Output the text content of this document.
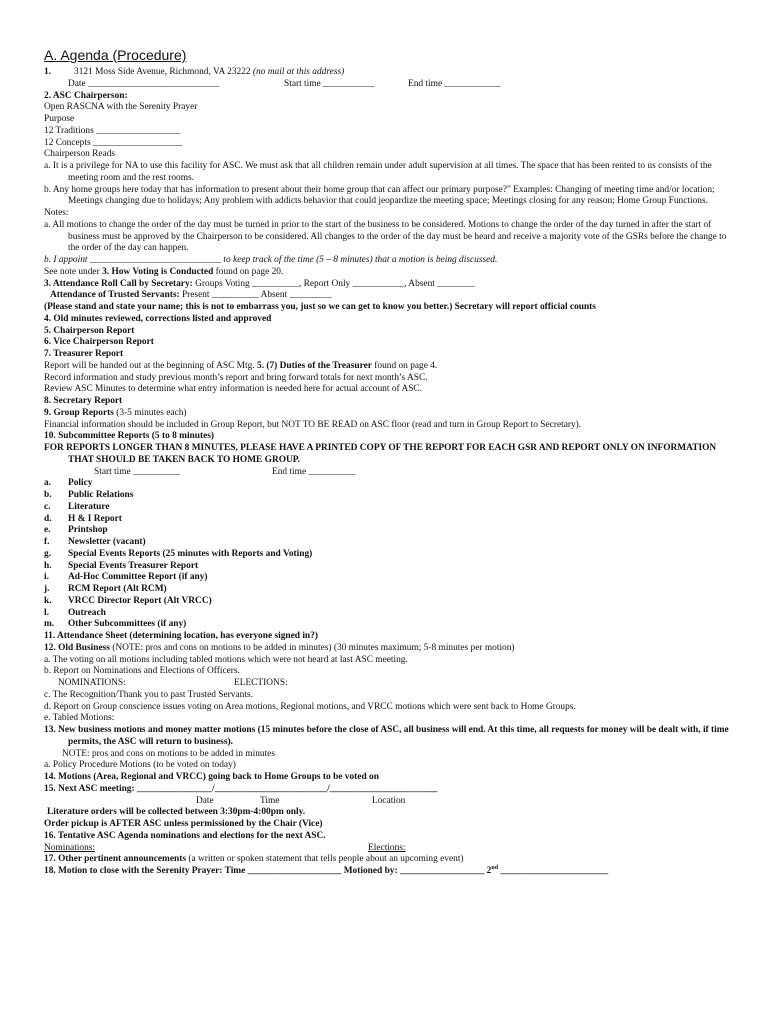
A. Agenda (Procedure)
1. 3121 Moss Side Avenue, Richmond, VA 23222 (no mail at this address)
Date ____________________________	Start time ___________	End time ____________
2. ASC Chairperson:
Open RASCNA with the Serenity Prayer
Purpose
12 Traditions __________________
12 Concepts ___________________
Chairperson Reads
a. It is a privilege for NA to use this facility for ASC. We must ask that all children remain under adult supervision at all times. The space that has been rented to us consists of the meeting room and the rest rooms.
b. Any home groups here today that has information to present about their home group that can affect our primary purpose?" Examples: Changing of meeting time and/or location; Meetings changing due to holidays; Any problem with addicts behavior that could jeopardize the meeting space; Meetings closing for any reason; Home Group Functions.
Notes:
a. All motions to change the order of the day must be turned in prior to the start of the business to be considered. Motions to change the order of the day turned in after the start of business must be approved by the Chairperson to be considered. All changes to the order of the day must be heard and receive a majority vote of the GSRs before the change to the order of the day can happen.
b. I appoint ____________________________ to keep track of the time (5 – 8 minutes) that a motion is being discussed.
See note under 3. How Voting is Conducted found on page 20.
3. Attendance Roll Call by Secretary: Groups Voting __________, Report Only ___________, Absent ________
Attendance of Trusted Servants: Present __________ Absent _________
(Please stand and state your name; this is not to embarrass you, just so we can get to know you better.) Secretary will report official counts
4. Old minutes reviewed, corrections listed and approved
5. Chairperson Report
6. Vice Chairperson Report
7. Treasurer Report
Report will be handed out at the beginning of ASC Mtg. 5. (7) Duties of the Treasurer found on page 4.
Record information and study previous month’s report and bring forward totals for next month’s ASC.
Review ASC Minutes to determine what entry information is needed here for actual account of ASC.
8. Secretary Report
9. Group Reports (3-5 minutes each)
Financial information should be included in Group Report, but NOT TO BE READ on ASC floor (read and turn in Group Report to Secretary).
10. Subcommittee Reports (5 to 8 minutes)
FOR REPORTS LONGER THAN 8 MINUTES, PLEASE HAVE A PRINTED COPY OF THE REPORT FOR EACH GSR AND REPORT ONLY ON INFORMATION THAT SHOULD BE TAKEN BACK TO HOME GROUP.
Start time __________	End time __________
a.	Policy
b.	Public Relations
c.	Literature
d.	H & I Report
e.	Printshop
f.	Newsletter (vacant)
g.	Special Events Reports (25 minutes with Reports and Voting)
h.	Special Events Treasurer Report
i.	Ad-Hoc Committee Report (if any)
j.	RCM Report (Alt RCM)
k.	VRCC Director Report (Alt VRCC)
l.	Outreach
m.	Other Subcommittees (if any)
11. Attendance Sheet (determining location, has everyone signed in?)
12. Old Business (NOTE: pros and cons on motions to be added in minutes) (30 minutes maximum; 5-8 minutes per motion)
a. The voting on all motions including tabled motions which were not heard at last ASC meeting.
b. Report on Nominations and Elections of Officers.
NOMINATIONS:	ELECTIONS:
c. The Recognition/Thank you to past Trusted Servants.
d. Report on Group conscience issues voting on Area motions, Regional motions, and VRCC motions which were sent back to Home Groups.
e. Tabled Motions:
13. New business motions and money matter motions (15 minutes before the close of ASC, all business will end. At this time, all requests for money will be dealt with, if time permits, the ASC will return to business).
NOTE: pros and cons on motions to be added in minutes
a. Policy Procedure Motions (to be voted on today)
14. Motions (Area, Regional and VRCC) going back to Home Groups to be voted on
15. Next ASC meeting: ________________/________________________/_______________________
Date	Time	Location
Literature orders will be collected between 3:30pm-4:00pm only.
Order pickup is AFTER ASC unless permissioned by the Chair (Vice)
16. Tentative ASC Agenda nominations and elections for the next ASC.
Nominations:	Elections:
17. Other pertinent announcements (a written or spoken statement that tells people about an upcoming event)
18. Motion to close with the Serenity Prayer: Time ____________________ Motioned by: __________________ 2nd _______________________
